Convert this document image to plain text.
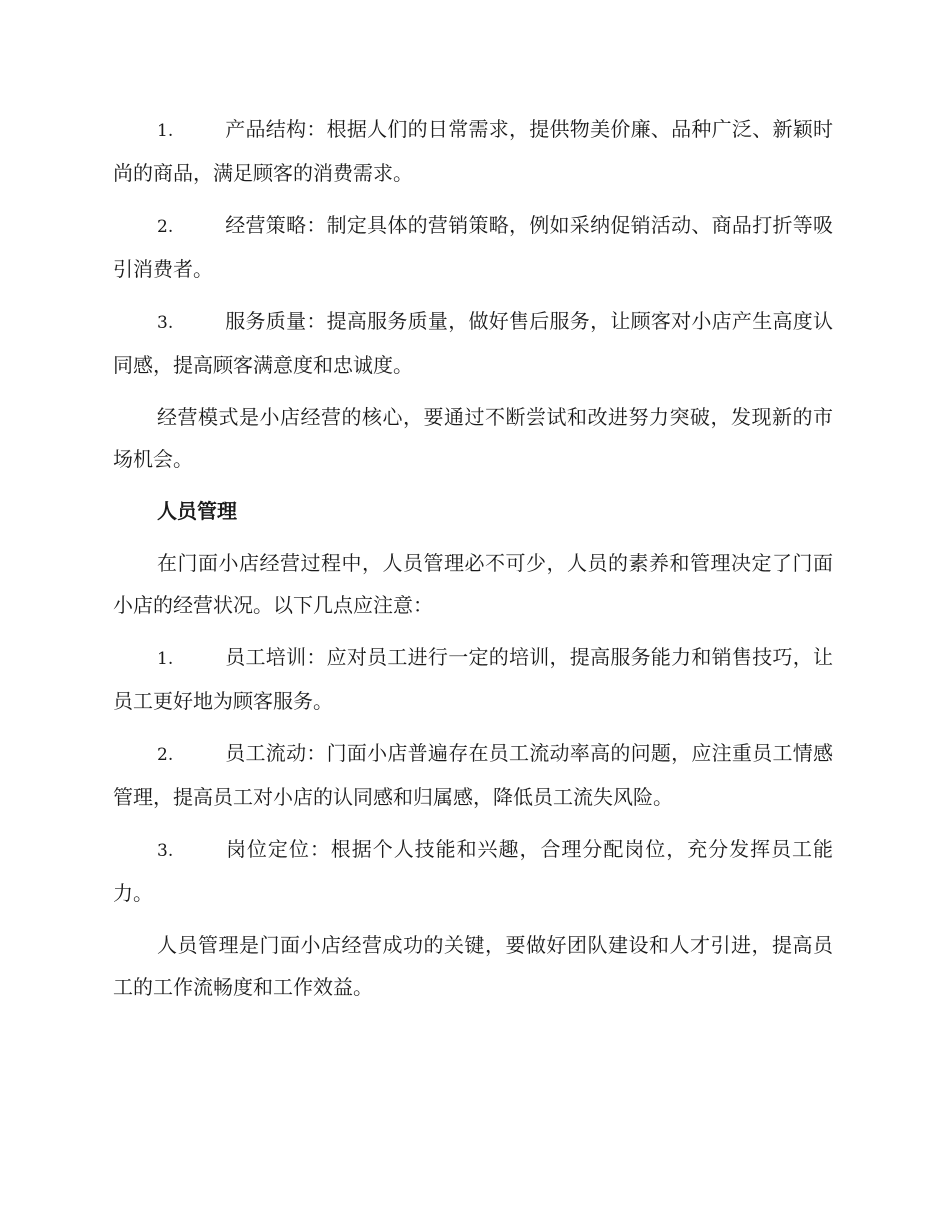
1.	产品结构：根据人们的日常需求，提供物美价廉、品种广泛、新颖时尚的商品，满足顾客的消费需求。
2.	经营策略：制定具体的营销策略，例如采纳促销活动、商品打折等吸引消费者。
3.	服务质量：提高服务质量，做好售后服务，让顾客对小店产生高度认同感，提高顾客满意度和忠诚度。

经营模式是小店经营的核心，要通过不断尝试和改进努力突破，发现新的市场机会。

人员管理

在门面小店经营过程中，人员管理必不可少，人员的素养和管理决定了门面小店的经营状况。以下几点应注意：

1.	员工培训：应对员工进行一定的培训，提高服务能力和销售技巧，让员工更好地为顾客服务。
2.	员工流动：门面小店普遍存在员工流动率高的问题，应注重员工情感管理，提高员工对小店的认同感和归属感，降低员工流失风险。
3.	岗位定位：根据个人技能和兴趣，合理分配岗位，充分发挥员工能力。

人员管理是门面小店经营成功的关键，要做好团队建设和人才引进，提高员工的工作流畅度和工作效益。
